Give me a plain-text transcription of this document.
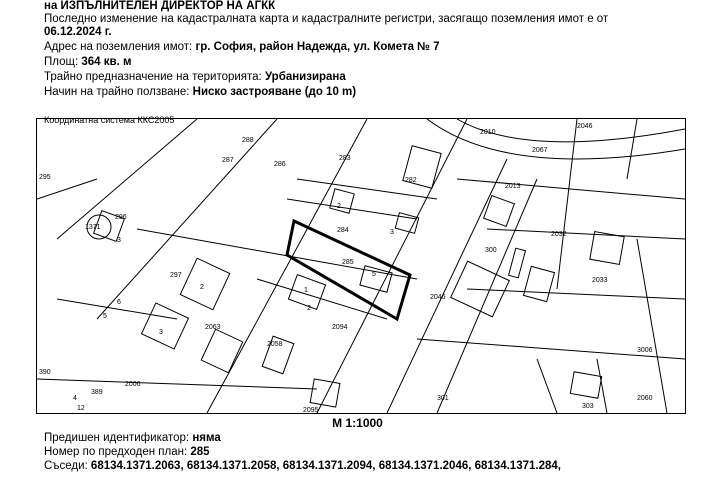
на ИЗПЪЛНИТЕЛЕН ДИРЕКТОР НА АГКК
Последно изменение на кадастралната карта и кадастралните регистри, засягащо поземления имот е от
06.12.2024 г.
Адрес на поземления имот: гр. София, район Надежда, ул. Комета № 7
Площ: 364 кв. м
Трайно предназначение на територията: Урбанизирана
Начин на трайно ползване: Ниско застрояване (до 10 m)
288
287
286
283
282
2010
2067
2046
295
296
1371
3
284
285
2013
2032
300
2033
297
2	1
5
3
2063	2094
2058
2046
2006
2095
301
303
2060
3006
390
389
2
3
4
5
6
12
2
Координатна система ККС2005
М 1:1000
Предишен идентификатор: няма
Номер по предходен план: 285
Съседи: 68134.1371.2063, 68134.1371.2058, 68134.1371.2094, 68134.1371.2046, 68134.1371.284,
